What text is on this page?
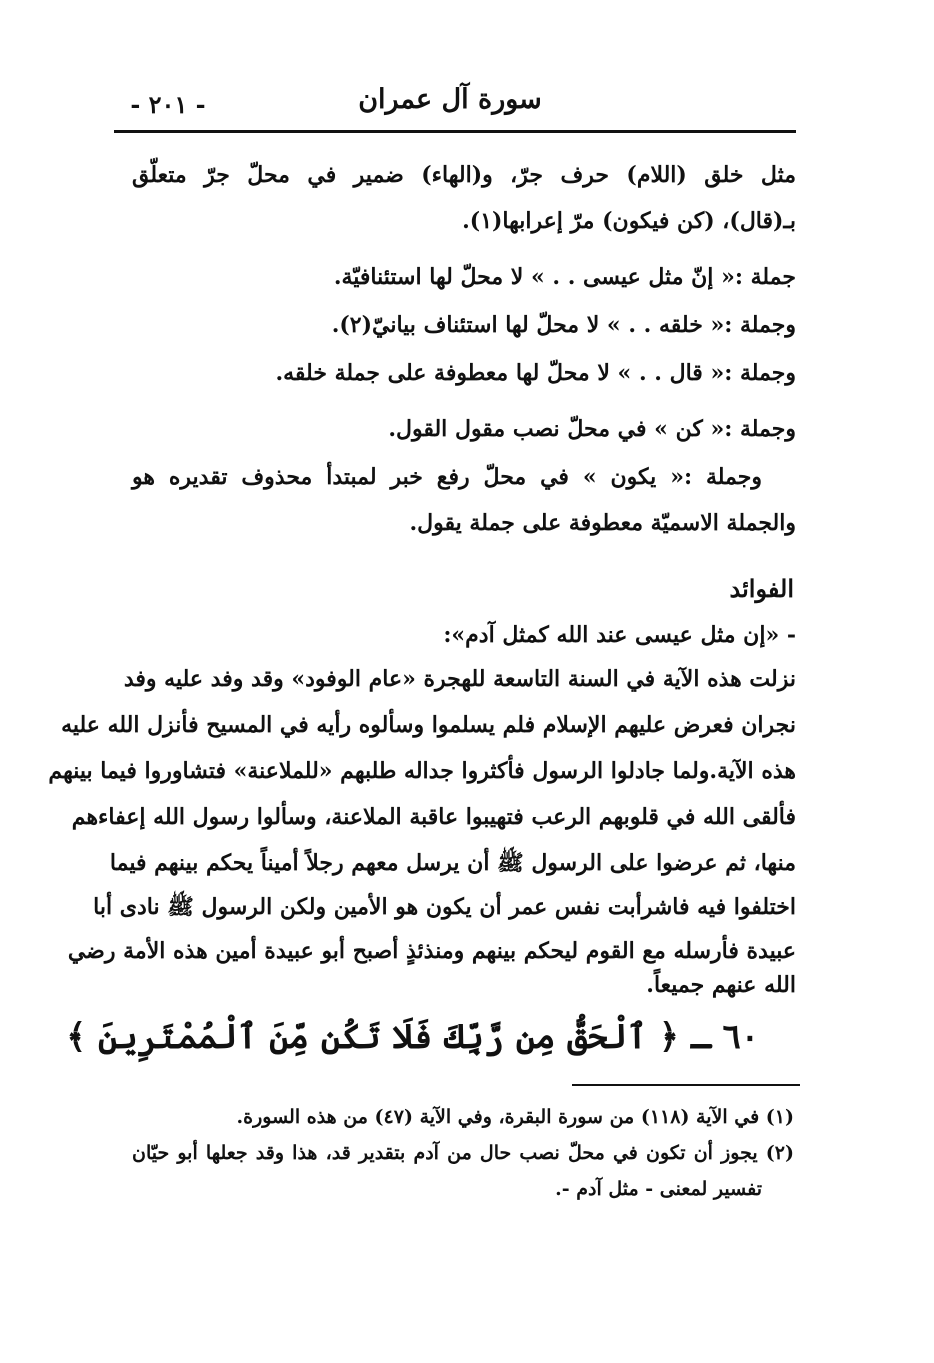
سورة آل عمران
- ٢٠١ -
مثل خلق (اللام) حرف جرّ، و(الهاء) ضمير في محلّ جرّ متعلّق
بـ(قال)، (كن فيكون) مرّ إعرابها(١).
جملة :« إنّ مثل عيسى . . » لا محلّ لها استئنافيّة.
وجملة :« خلقه . . » لا محلّ لها استئناف بيانيّ(٢).
وجملة :« قال . . » لا محلّ لها معطوفة على جملة خلقه.
وجملة :« كن » في محلّ نصب مقول القول.
وجملة :« يكون » في محلّ رفع خبر لمبتدأ محذوف تقديره هو
والجملة الاسميّة معطوفة على جملة يقول.
الفوائد
- «إن مثل عيسى عند الله كمثل آدم»:
نزلت هذه الآية في السنة التاسعة للهجرة «عام الوفود» وقد وفد عليه وفد
نجران فعرض عليهم الإسلام فلم يسلموا وسألوه رأيه في المسيح فأنزل الله عليه
هذه الآية.ولما جادلوا الرسول فأكثروا جداله طلبهم «للملاعنة» فتشاوروا فيما بينهم
فألقى الله في قلوبهم الرعب فتهيبوا عاقبة الملاعنة، وسألوا رسول الله إعفاءهم
منها، ثم عرضوا على الرسول ﷺ أن يرسل معهم رجلاً أميناً يحكم بينهم فيما
اختلفوا فيه فاشرأبت نفس عمر أن يكون هو الأمين ولكن الرسول ﷺ نادى أبا
عبيدة فأرسله مع القوم ليحكم بينهم ومنذئذٍ أصبح أبو عبيدة أمين هذه الأمة رضي
الله عنهم جميعاً.
٦٠ ـ ﴿ ٱلْحَقُّ مِن رَّبِّكَ فَلَا تَكُن مِّنَ ٱلْمُمْتَرِينَ ﴾
(١) في الآية (١١٨) من سورة البقرة، وفي الآية (٤٧) من هذه السورة.
(٢) يجوز أن تكون في محلّ نصب حال من آدم بتقدير قد، هذا وقد جعلها أبو حيّان
تفسير لمعنى - مثل آدم -.
